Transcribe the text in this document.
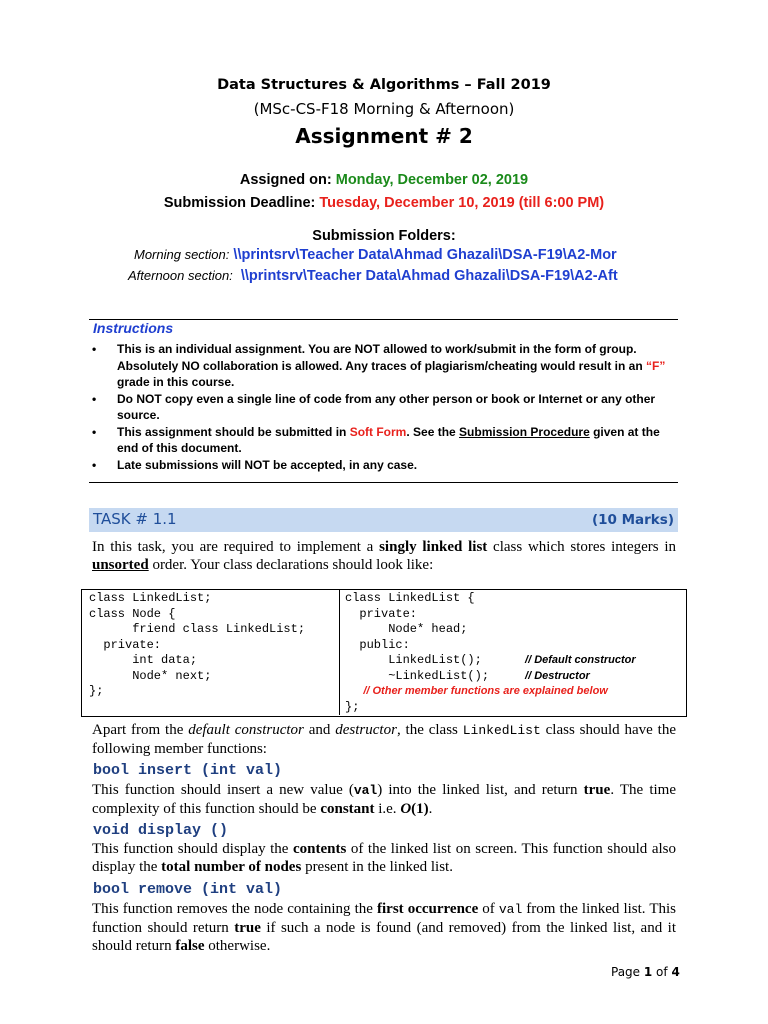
Data Structures & Algorithms – Fall 2019
(MSc-CS-F18 Morning & Afternoon)
Assignment # 2
Assigned on: Monday, December 02, 2019
Submission Deadline: Tuesday, December 10, 2019 (till 6:00 PM)
Submission Folders:
Morning section: \\printsrv\Teacher Data\Ahmad Ghazali\DSA-F19\A2-Mor
Afternoon section: \\printsrv\Teacher Data\Ahmad Ghazali\DSA-F19\A2-Aft
Instructions
• This is an individual assignment. You are NOT allowed to work/submit in the form of group. Absolutely NO collaboration is allowed. Any traces of plagiarism/cheating would result in an “F” grade in this course.
• Do NOT copy even a single line of code from any other person or book or Internet or any other source.
• This assignment should be submitted in Soft Form. See the Submission Procedure given at the end of this document.
• Late submissions will NOT be accepted, in any case.
TASK # 1.1	(10 Marks)
In this task, you are required to implement a singly linked list class which stores integers in unsorted order. Your class declarations should look like:
class LinkedList;
class Node {
friend class LinkedList;
private:
int data;
Node* next;
};
class LinkedList {
private:
Node* head;
public:
LinkedList();      // Default constructor
~LinkedList();     // Destructor
// Other member functions are explained below
};
Apart from the default constructor and destructor, the class LinkedList class should have the following member functions:
bool insert (int val)
This function should insert a new value (val) into the linked list, and return true. The time complexity of this function should be constant i.e. O(1).
void display ()
This function should display the contents of the linked list on screen. This function should also display the total number of nodes present in the linked list.
bool remove (int val)
This function removes the node containing the first occurrence of val from the linked list. This function should return true if such a node is found (and removed) from the linked list, and it should return false otherwise.
Page 1 of 4
